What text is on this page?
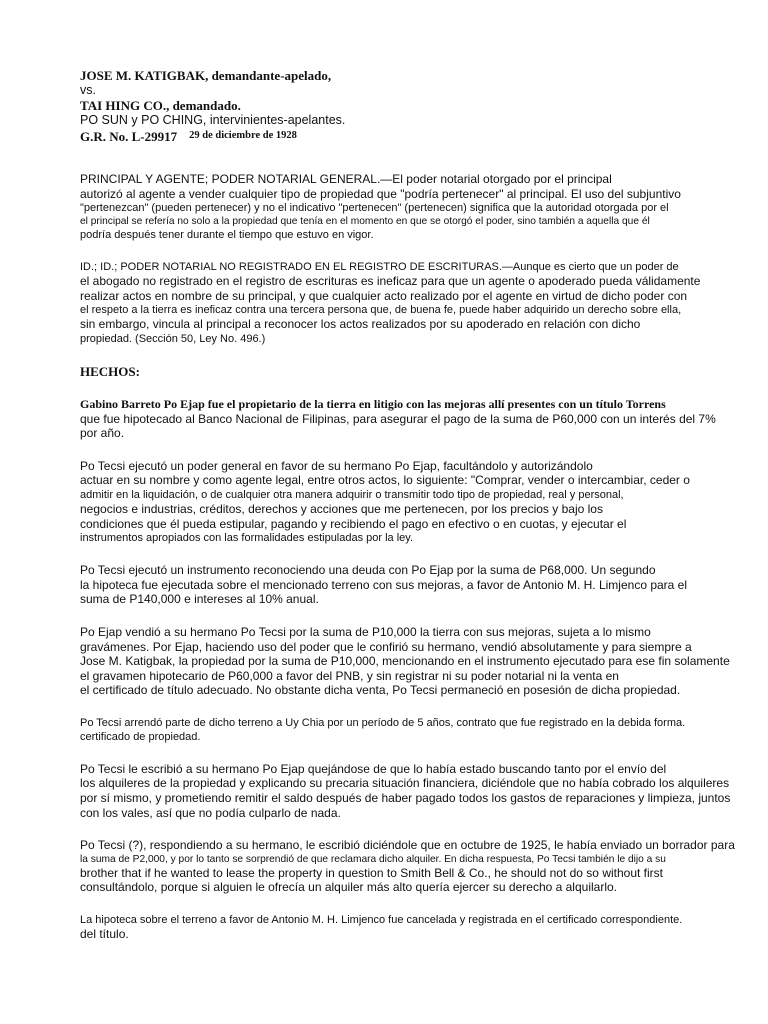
JOSE M. KATIGBAK, demandante-apelado,
vs.
TAI HING CO., demandado.
PO SUN y PO CHING, intervinientes-apelantes.
G.R. No. L-29917 29 de diciembre de 1928
PRINCIPAL Y AGENTE; PODER NOTARIAL GENERAL.—El poder notarial otorgado por el principal
autorizó al agente a vender cualquier tipo de propiedad que "podría pertenecer" al principal. El uso del subjuntivo
"pertenezcan" (pueden pertenecer) y no el indicativo "pertenecen" (pertenecen) significa que la autoridad otorgada por el
el principal se refería no solo a la propiedad que tenía en el momento en que se otorgó el poder, sino también a aquella que él
podría después tener durante el tiempo que estuvo en vigor.
ID.; ID.; PODER NOTARIAL NO REGISTRADO EN EL REGISTRO DE ESCRITURAS.—Aunque es cierto que un poder de
el abogado no registrado en el registro de escrituras es ineficaz para que un agente o apoderado pueda válidamente
realizar actos en nombre de su principal, y que cualquier acto realizado por el agente en virtud de dicho poder con
el respeto a la tierra es ineficaz contra una tercera persona que, de buena fe, puede haber adquirido un derecho sobre ella,
sin embargo, vincula al principal a reconocer los actos realizados por su apoderado en relación con dicho
propiedad. (Sección 50, Ley No. 496.)
HECHOS:
Gabino Barreto Po Ejap fue el propietario de la tierra en litigio con las mejoras allí presentes con un título Torrens
que fue hipotecado al Banco Nacional de Filipinas, para asegurar el pago de la suma de P60,000 con un interés del 7%
por año.
Po Tecsi ejecutó un poder general en favor de su hermano Po Ejap, facultándolo y autorizándolo
actuar en su nombre y como agente legal, entre otros actos, lo siguiente: "Comprar, vender o intercambiar, ceder o
admitir en la liquidación, o de cualquier otra manera adquirir o transmitir todo tipo de propiedad, real y personal,
negocios e industrias, créditos, derechos y acciones que me pertenecen, por los precios y bajo los
condiciones que él pueda estipular, pagando y recibiendo el pago en efectivo o en cuotas, y ejecutar el
instrumentos apropiados con las formalidades estipuladas por la ley.
Po Tecsi ejecutó un instrumento reconociendo una deuda con Po Ejap por la suma de P68,000. Un segundo
la hipoteca fue ejecutada sobre el mencionado terreno con sus mejoras, a favor de Antonio M. H. Limjenco para el
suma de P140,000 e intereses al 10% anual.
Po Ejap vendió a su hermano Po Tecsi por la suma de P10,000 la tierra con sus mejoras, sujeta a lo mismo
gravámenes. Por Ejap, haciendo uso del poder que le confirió su hermano, vendió absolutamente y para siempre a
Jose M. Katigbak, la propiedad por la suma de P10,000, mencionando en el instrumento ejecutado para ese fin solamente
el gravamen hipotecario de P60,000 a favor del PNB, y sin registrar ni su poder notarial ni la venta en
el certificado de título adecuado. No obstante dicha venta, Po Tecsi permaneció en posesión de dicha propiedad.
Po Tecsi arrendó parte de dicho terreno a Uy Chia por un período de 5 años, contrato que fue registrado en la debida forma.
certificado de propiedad.
Po Tecsi le escribió a su hermano Po Ejap quejándose de que lo había estado buscando tanto por el envío del
los alquileres de la propiedad y explicando su precaria situación financiera, diciéndole que no había cobrado los alquileres
por sí mismo, y prometiendo remitir el saldo después de haber pagado todos los gastos de reparaciones y limpieza, juntos
con los vales, así que no podía culparlo de nada.
Po Tecsi (?), respondiendo a su hermano, le escribió diciéndole que en octubre de 1925, le había enviado un borrador para
la suma de P2,000, y por lo tanto se sorprendió de que reclamara dicho alquiler. En dicha respuesta, Po Tecsi también le dijo a su
brother that if he wanted to lease the property in question to Smith Bell & Co., he should not do so without first
consultándolo, porque si alguien le ofrecía un alquiler más alto quería ejercer su derecho a alquilarlo.
La hipoteca sobre el terreno a favor de Antonio M. H. Limjenco fue cancelada y registrada en el certificado correspondiente.
del título.
